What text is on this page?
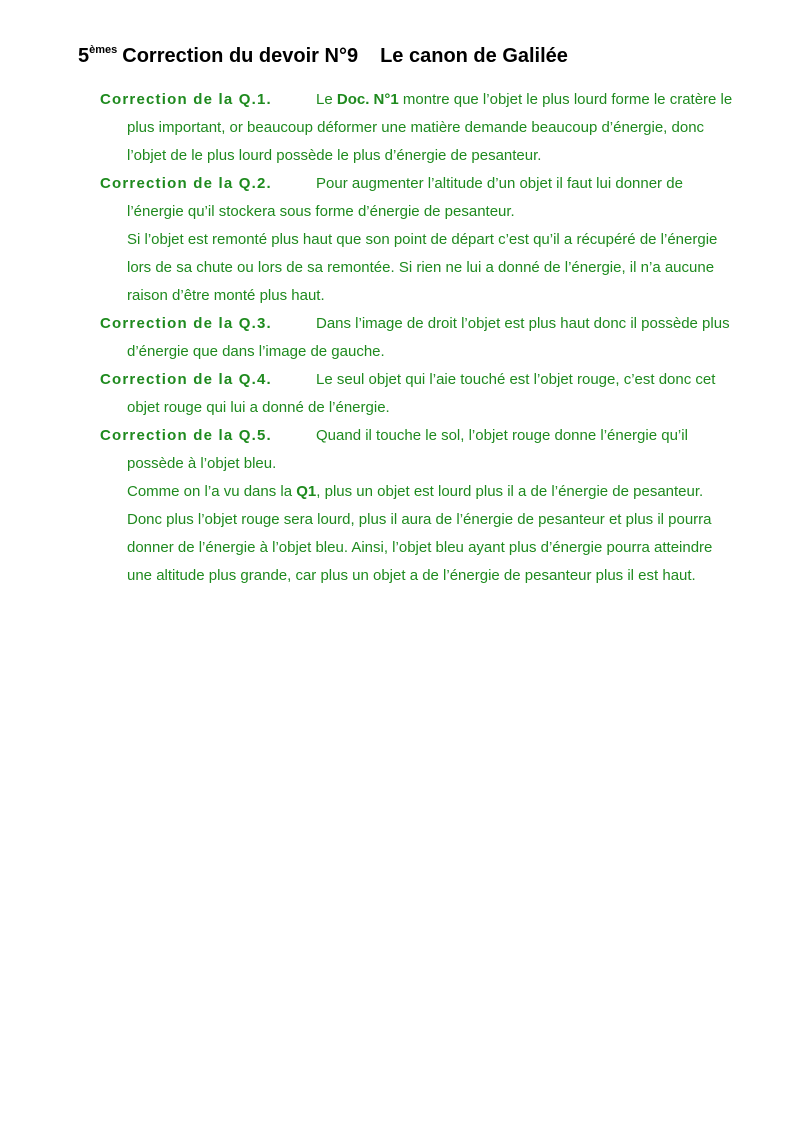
5èmes Correction du devoir N°9 Le canon de Galilée

Correction de la Q.1.	Le Doc. N°1 montre que l’objet le plus lourd forme le cratère le plus important, or beaucoup déformer une matière demande beaucoup d’énergie, donc l’objet de le plus lourd possède le plus d’énergie de pesanteur.

Correction de la Q.2.	Pour augmenter l’altitude d’un objet il faut lui donner de l’énergie qu’il stockera sous forme d’énergie de pesanteur.

Si l’objet est remonté plus haut que son point de départ c’est qu’il a récupéré de l’énergie lors de sa chute ou lors de sa remontée. Si rien ne lui a donné de l’énergie, il n’a aucune raison d’être monté plus haut.

Correction de la Q.3.	Dans l’image de droit l’objet est plus haut donc il possède plus d’énergie que dans l’image de gauche.

Correction de la Q.4.	Le seul objet qui l’aie touché est l’objet rouge, c’est donc cet objet rouge qui lui a donné de l’énergie.

Correction de la Q.5.	Quand il touche le sol, l’objet rouge donne l’énergie qu’il possède à l’objet bleu.

Comme on l’a vu dans la Q1, plus un objet est lourd plus il a de l’énergie de pesanteur. Donc plus l’objet rouge sera lourd, plus il aura de l’énergie de pesanteur et plus il pourra donner de l’énergie à l’objet bleu. Ainsi, l’objet bleu ayant plus d’énergie pourra atteindre une altitude plus grande, car plus un objet a de l’énergie de pesanteur plus il est haut.
